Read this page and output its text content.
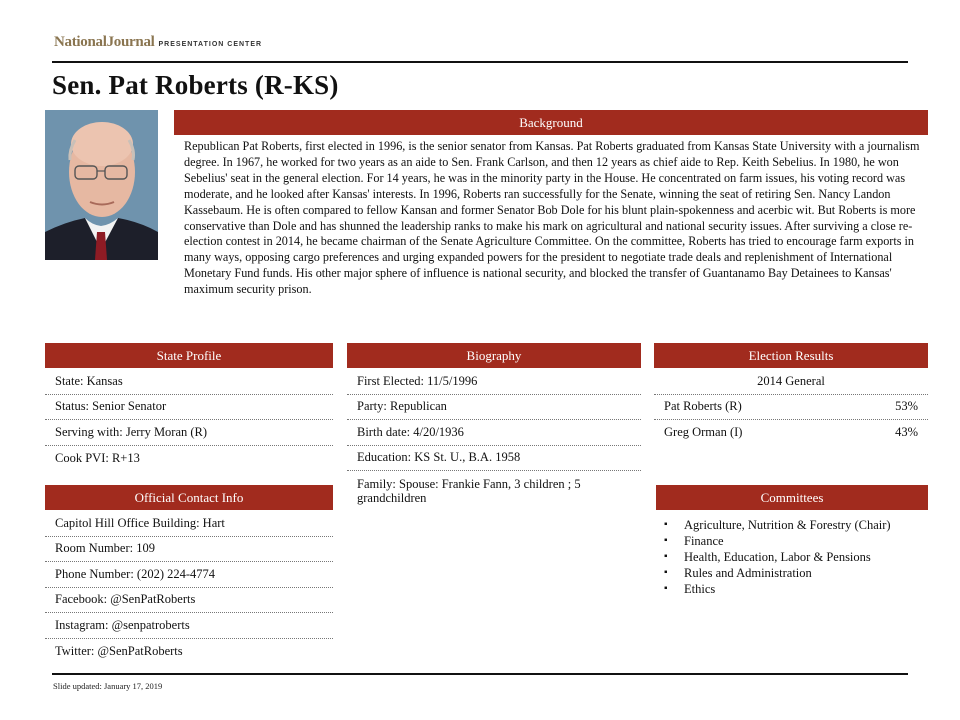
NationalJournal PRESENTATION CENTER
Sen. Pat Roberts (R-KS)
Background

Republican Pat Roberts, first elected in 1996, is the senior senator from Kansas. Pat Roberts graduated from Kansas State University with a journalism degree. In 1967, he worked for two years as an aide to Sen. Frank Carlson, and then 12 years as chief aide to Rep. Keith Sebelius. In 1980, he won Sebelius' seat in the general election. For 14 years, he was in the minority party in the House. He concentrated on farm issues, his voting record was moderate, and he looked after Kansas' interests. In 1996, Roberts ran successfully for the Senate, winning the seat of retiring Sen. Nancy Landon Kassebaum. He is often compared to fellow Kansan and former Senator Bob Dole for his blunt plain-spokenness and acerbic wit. But Roberts is more conservative than Dole and has shunned the leadership ranks to make his mark on agricultural and national security issues. After surviving a close re-election contest in 2014, he became chairman of the Senate Agriculture Committee. On the committee, Roberts has tried to encourage farm exports in many ways, opposing cargo preferences and urging expanded powers for the president to negotiate trade deals and replenishment of International Monetary Fund funds. His other major sphere of influence is national security, and blocked the transfer of Guantanamo Bay Detainees to Kansas' maximum security prison.

State Profile
State: Kansas
Status: Senior Senator
Serving with: Jerry Moran (R)
Cook PVI: R+13
Biography
First Elected: 11/5/1996
Party: Republican
Birth date: 4/20/1936
Education: KS St. U., B.A. 1958
Family: Spouse: Frankie Fann, 3 children ; 5 grandchildren
Election Results
2014 General
Pat Roberts (R)	53%
Greg Orman (I)	43%
Official Contact Info
Capitol Hill Office Building: Hart
Room Number: 109
Phone Number: (202) 224-4774
Facebook: @SenPatRoberts
Instagram: @senpatroberts
Twitter: @SenPatRoberts
Committees
▪	Agriculture, Nutrition & Forestry (Chair)
▪	Finance
▪	Health, Education, Labor & Pensions
▪	Rules and Administration
▪	Ethics
Slide updated: January 17, 2019
